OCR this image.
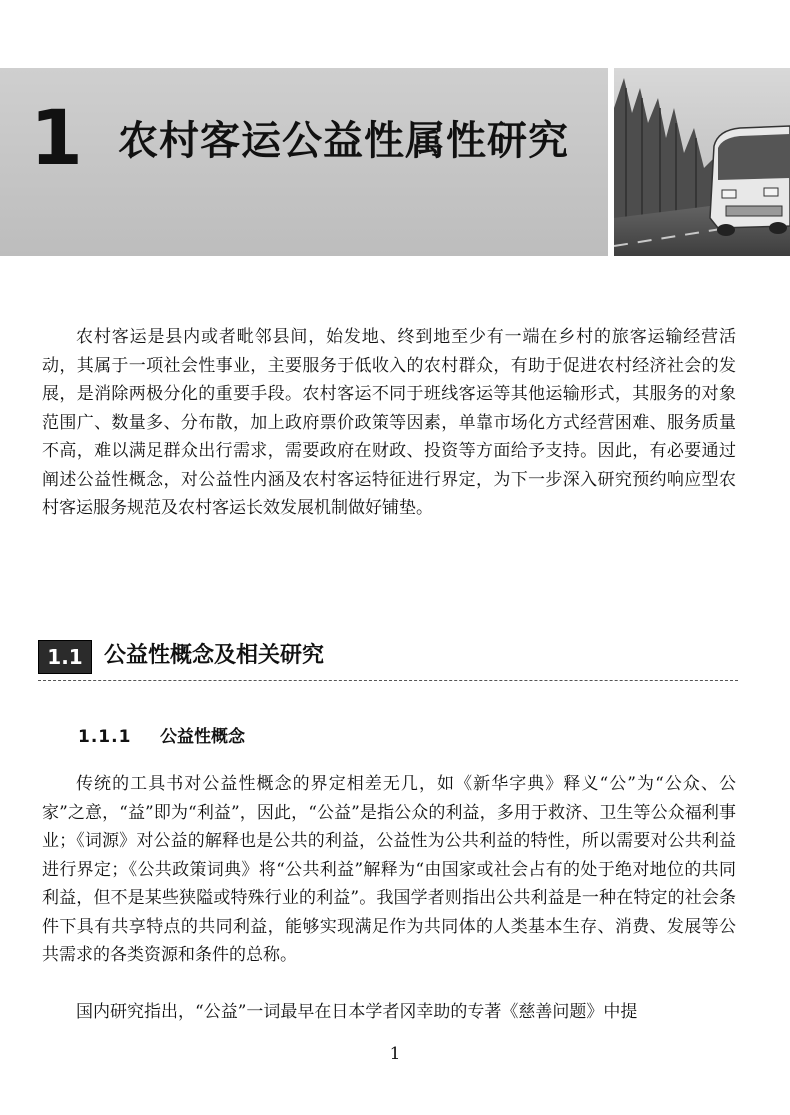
1 农村客运公益性属性研究

农村客运是县内或者毗邻县间，始发地、终到地至少有一端在乡村的旅客运输经营活动，其属于一项社会性事业，主要服务于低收入的农村群众，有助于促进农村经济社会的发展，是消除两极分化的重要手段。农村客运不同于班线客运等其他运输形式，其服务的对象范围广、数量多、分布散，加上政府票价政策等因素，单靠市场化方式经营困难、服务质量不高，难以满足群众出行需求，需要政府在财政、投资等方面给予支持。因此，有必要通过阐述公益性概念，对公益性内涵及农村客运特征进行界定，为下一步深入研究预约响应型农村客运服务规范及农村客运长效发展机制做好铺垫。

1.1 公益性概念及相关研究
1.1.1 公益性概念

传统的工具书对公益性概念的界定相差无几，如《新华字典》释义“公”为“公众、公家”之意，“益”即为“利益”，因此，“公益”是指公众的利益，多用于救济、卫生等公众福利事业；《词源》对公益的解释也是公共的利益，公益性为公共利益的特性，所以需要对公共利益进行界定；《公共政策词典》将“公共利益”解释为“由国家或社会占有的处于绝对地位的共同利益，但不是某些狭隘或特殊行业的利益”。我国学者则指出公共利益是一种在特定的社会条件下具有共享特点的共同利益，能够实现满足作为共同体的人类基本生存、消费、发展等公共需求的各类资源和条件的总称。

国内研究指出，“公益”一词最早在日本学者冈幸助的专著《慈善问题》中提

1
